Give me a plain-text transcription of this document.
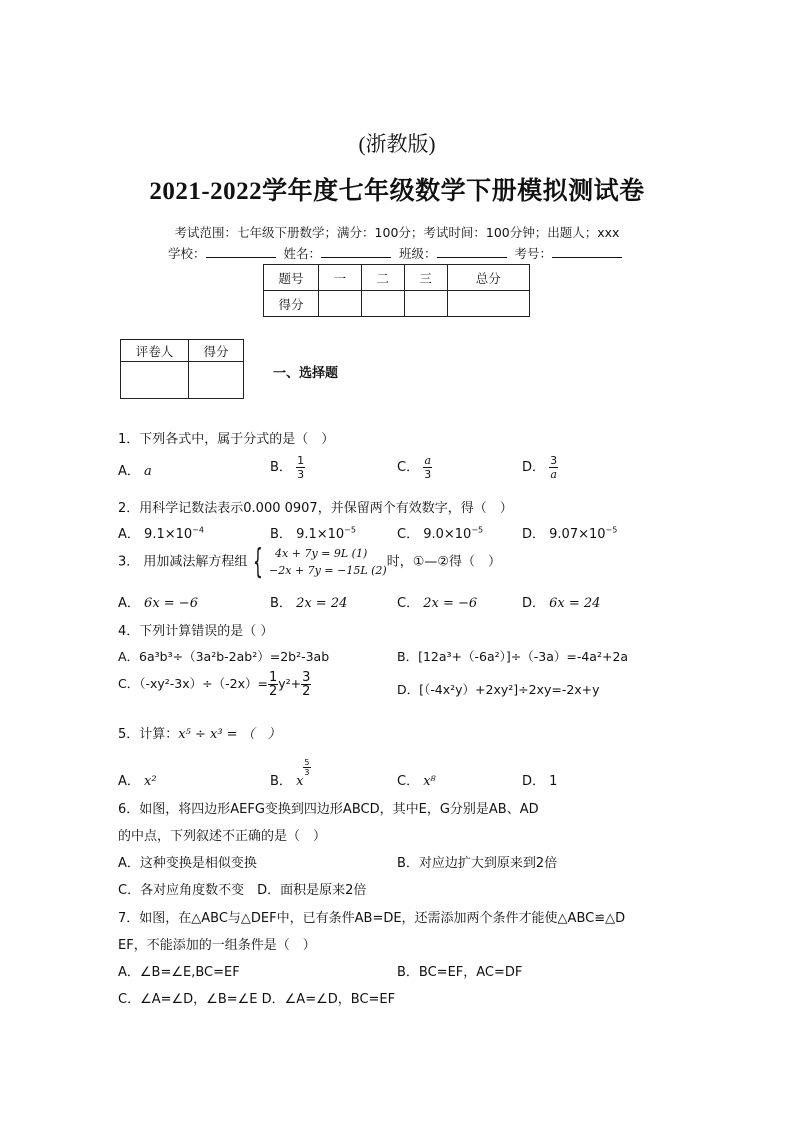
(浙教版)
2021-2022学年度七年级数学下册模拟测试卷
考试范围：七年级下册数学；满分：100分；考试时间：100分钟；出题人；xxx
学校：	姓名：	班级：	考号：
题号	一	二	三	总分
得分				
评卷人	得分

一、选择题
1．下列各式中，属于分式的是（　）
A． a	B． $\frac{1}{3}$	C． $\frac{a}{3}$	D． $\frac{3}{a}$
2．用科学记数法表示0.000 0907，并保留两个有效数字，得（　）
A． $9.1\times 10^{-4}$	B． $9.1\times 10^{-5}$	C． $9.0\times 10^{-5}$	D． $9.07\times 10^{-5}$
3． 用加减法解方程组 {	4x + 7y = 9L (1)
−2x + 7y = −15L (2)
时，①—②得（　）
A． 6x = −6	B． 2x = 24	C． 2x = −6	D． 6x = 24
4．下列计算错误的是（ ）
A．6a³b³÷（3a²b-2ab²）=2b²-3ab	B．[12a³+（-6a²）]÷（-3a）=-4a²+2a
C．$(-xy^2-3x)\div(-2x)= \frac{1}{2} y^2+ \frac{3}{2}$	D．[（-4x²y）+2xy²]÷2xy=-2x+y
5．计算：x⁵ ÷ x³ = （　）
A． x²	B． x
$\frac{5}{3}$
C． x⁸	D． 1
6．如图，将四边形AEFG变换到四边形ABCD，其中E，G分别是AB、AD
的中点，下列叙述不正确的是（　）
A．这种变换是相似变换	B．对应边扩大到原来到2倍
C．各对应角度数不变　D．面积是原来2倍
7．如图，在△ABC与△DEF中，已有条件AB=DE，还需添加两个条件才能使△ABC≌△D
EF，不能添加的一组条件是（　）
A．∠B=∠E,BC=EF	B．BC=EF，AC=DF
C．∠A=∠D，∠B=∠E D．∠A=∠D，BC=EF
